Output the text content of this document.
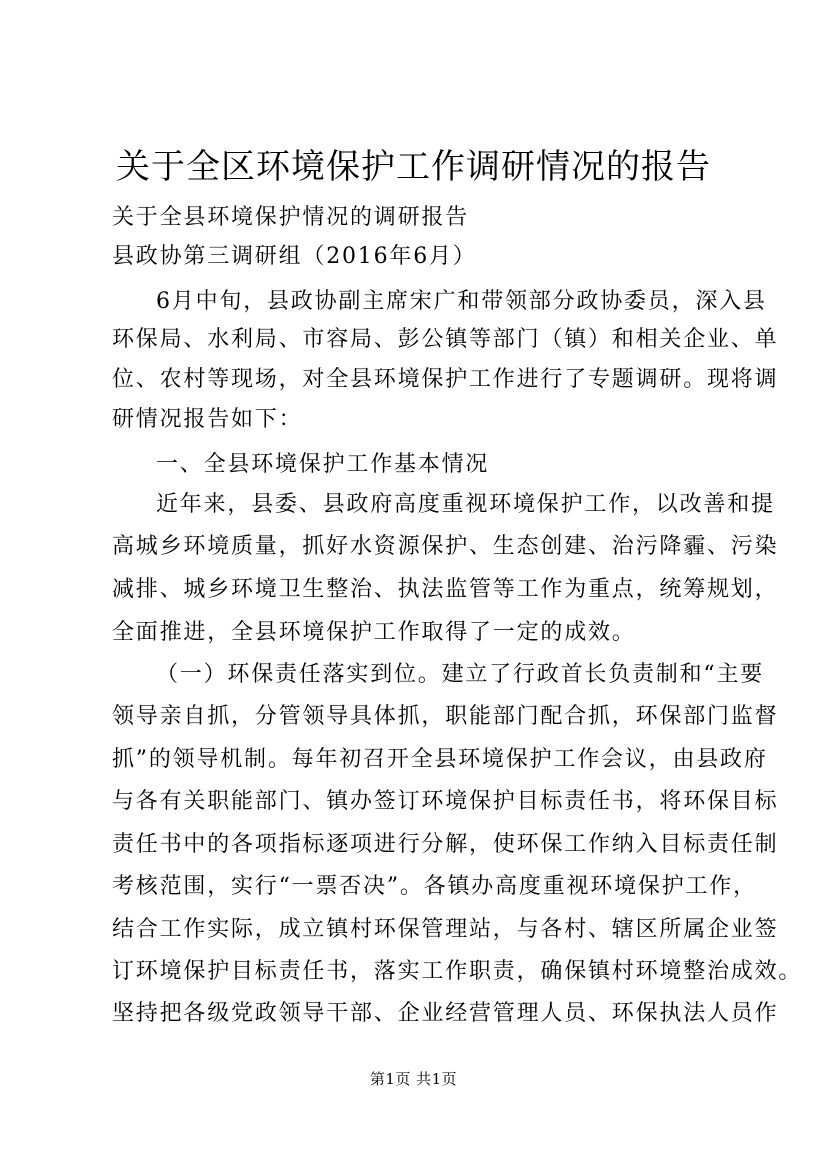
关于全区环境保护工作调研情况的报告

关于全县环境保护情况的调研报告

县政协第三调研组（2016年6月）

6月中旬，县政协副主席宋广和带领部分政协委员，深入县

环保局、水利局、市容局、彭公镇等部门（镇）和相关企业、单

位、农村等现场，对全县环境保护工作进行了专题调研。现将调

研情况报告如下：

一、全县环境保护工作基本情况

近年来，县委、县政府高度重视环境保护工作，以改善和提

高城乡环境质量，抓好水资源保护、生态创建、治污降霾、污染

减排、城乡环境卫生整治、执法监管等工作为重点，统筹规划，

全面推进，全县环境保护工作取得了一定的成效。

（一）环保责任落实到位。建立了行政首长负责制和“主要

领导亲自抓，分管领导具体抓，职能部门配合抓，环保部门监督

抓”的领导机制。每年初召开全县环境保护工作会议，由县政府

与各有关职能部门、镇办签订环境保护目标责任书，将环保目标

责任书中的各项指标逐项进行分解，使环保工作纳入目标责任制

考核范围，实行“一票否决”。各镇办高度重视环境保护工作，

结合工作实际，成立镇村环保管理站，与各村、辖区所属企业签

订环境保护目标责任书，落实工作职责，确保镇村环境整治成效。

坚持把各级党政领导干部、企业经营管理人员、环保执法人员作

第1页 共1页
